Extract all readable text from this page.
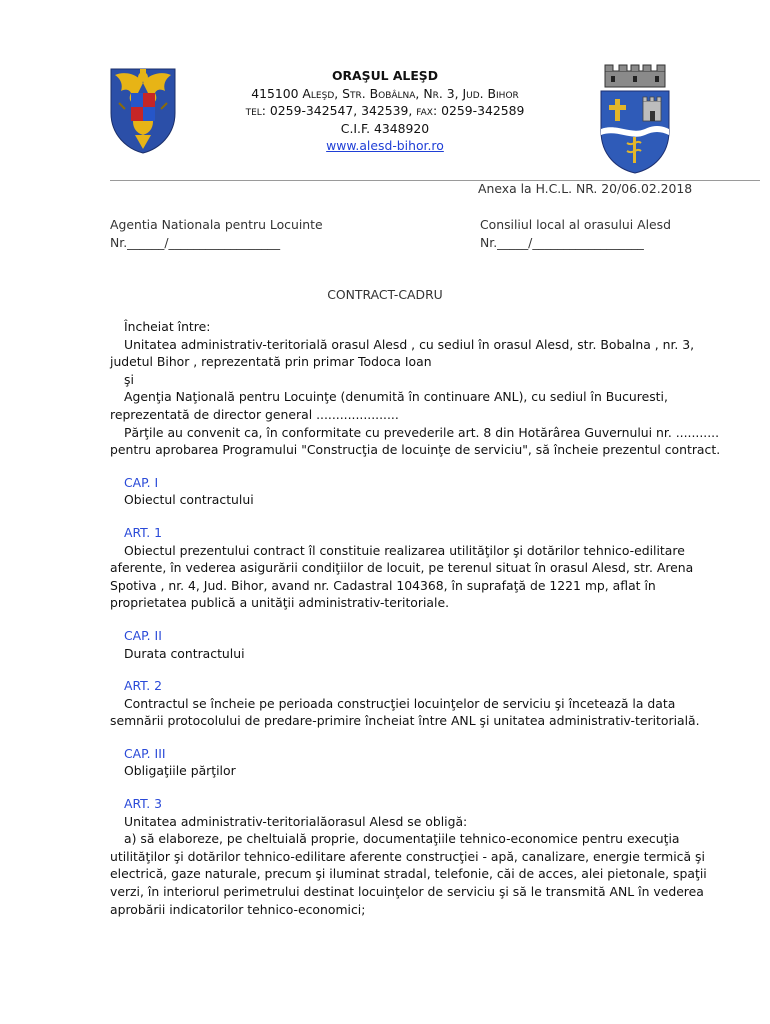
ORAŞUL ALEŞD
415100 Aleşd, Str. Bobâlna, Nr. 3, Jud. Bihor
tel: 0259-342547, 342539, fax: 0259-342589
C.I.F. 4348920
www.alesd-bihor.ro
Anexa la H.C.L. NR. 20/06.02.2018
Agentia Nationala pentru Locuinte
Nr.______/__________________
Consiliul local al orasului Alesd
Nr._____/__________________
CONTRACT-CADRU

Încheiat între:

Unitatea administrativ-teritorială orasul Alesd , cu sediul în orasul Alesd, str. Bobalna , nr. 3, judetul Bihor , reprezentată prin primar Todoca Ioan

şi

Agenţia Naţională pentru Locuinţe (denumită în continuare ANL), cu sediul în Bucuresti, reprezentată de director general .....................

Părţile au convenit ca, în conformitate cu prevederile art. 8 din Hotărârea Guvernului nr. ........... pentru aprobarea Programului "Construcţia de locuinţe de serviciu", să încheie prezentul contract.

CAP. I

Obiectul contractului

ART. 1

Obiectul prezentului contract îl constituie realizarea utilităţilor şi dotărilor tehnico-edilitare aferente, în vederea asigurării condiţiilor de locuit, pe terenul situat în orasul Alesd, str. Arena Spotiva , nr. 4, Jud. Bihor, avand nr. Cadastral 104368, în suprafaţă de 1221 mp, aflat în proprietatea publică a unităţii administrativ-teritoriale.

CAP. II

Durata contractului

ART. 2

Contractul se încheie pe perioada construcţiei locuinţelor de serviciu şi încetează la data semnării protocolului de predare-primire încheiat între ANL şi unitatea administrativ-teritorială.

CAP. III

Obligaţiile părţilor

ART. 3

Unitatea administrativ-teritorialăorasul Alesd se obligă:

a) să elaboreze, pe cheltuială proprie, documentaţiile tehnico-economice pentru execuţia utilităţilor şi dotărilor tehnico-edilitare aferente construcţiei - apă, canalizare, energie termică şi electrică, gaze naturale, precum şi iluminat stradal, telefonie, căi de acces, alei pietonale, spaţii verzi, în interiorul perimetrului destinat locuinţelor de serviciu şi să le transmită ANL în vederea aprobării indicatorilor tehnico-economici;
